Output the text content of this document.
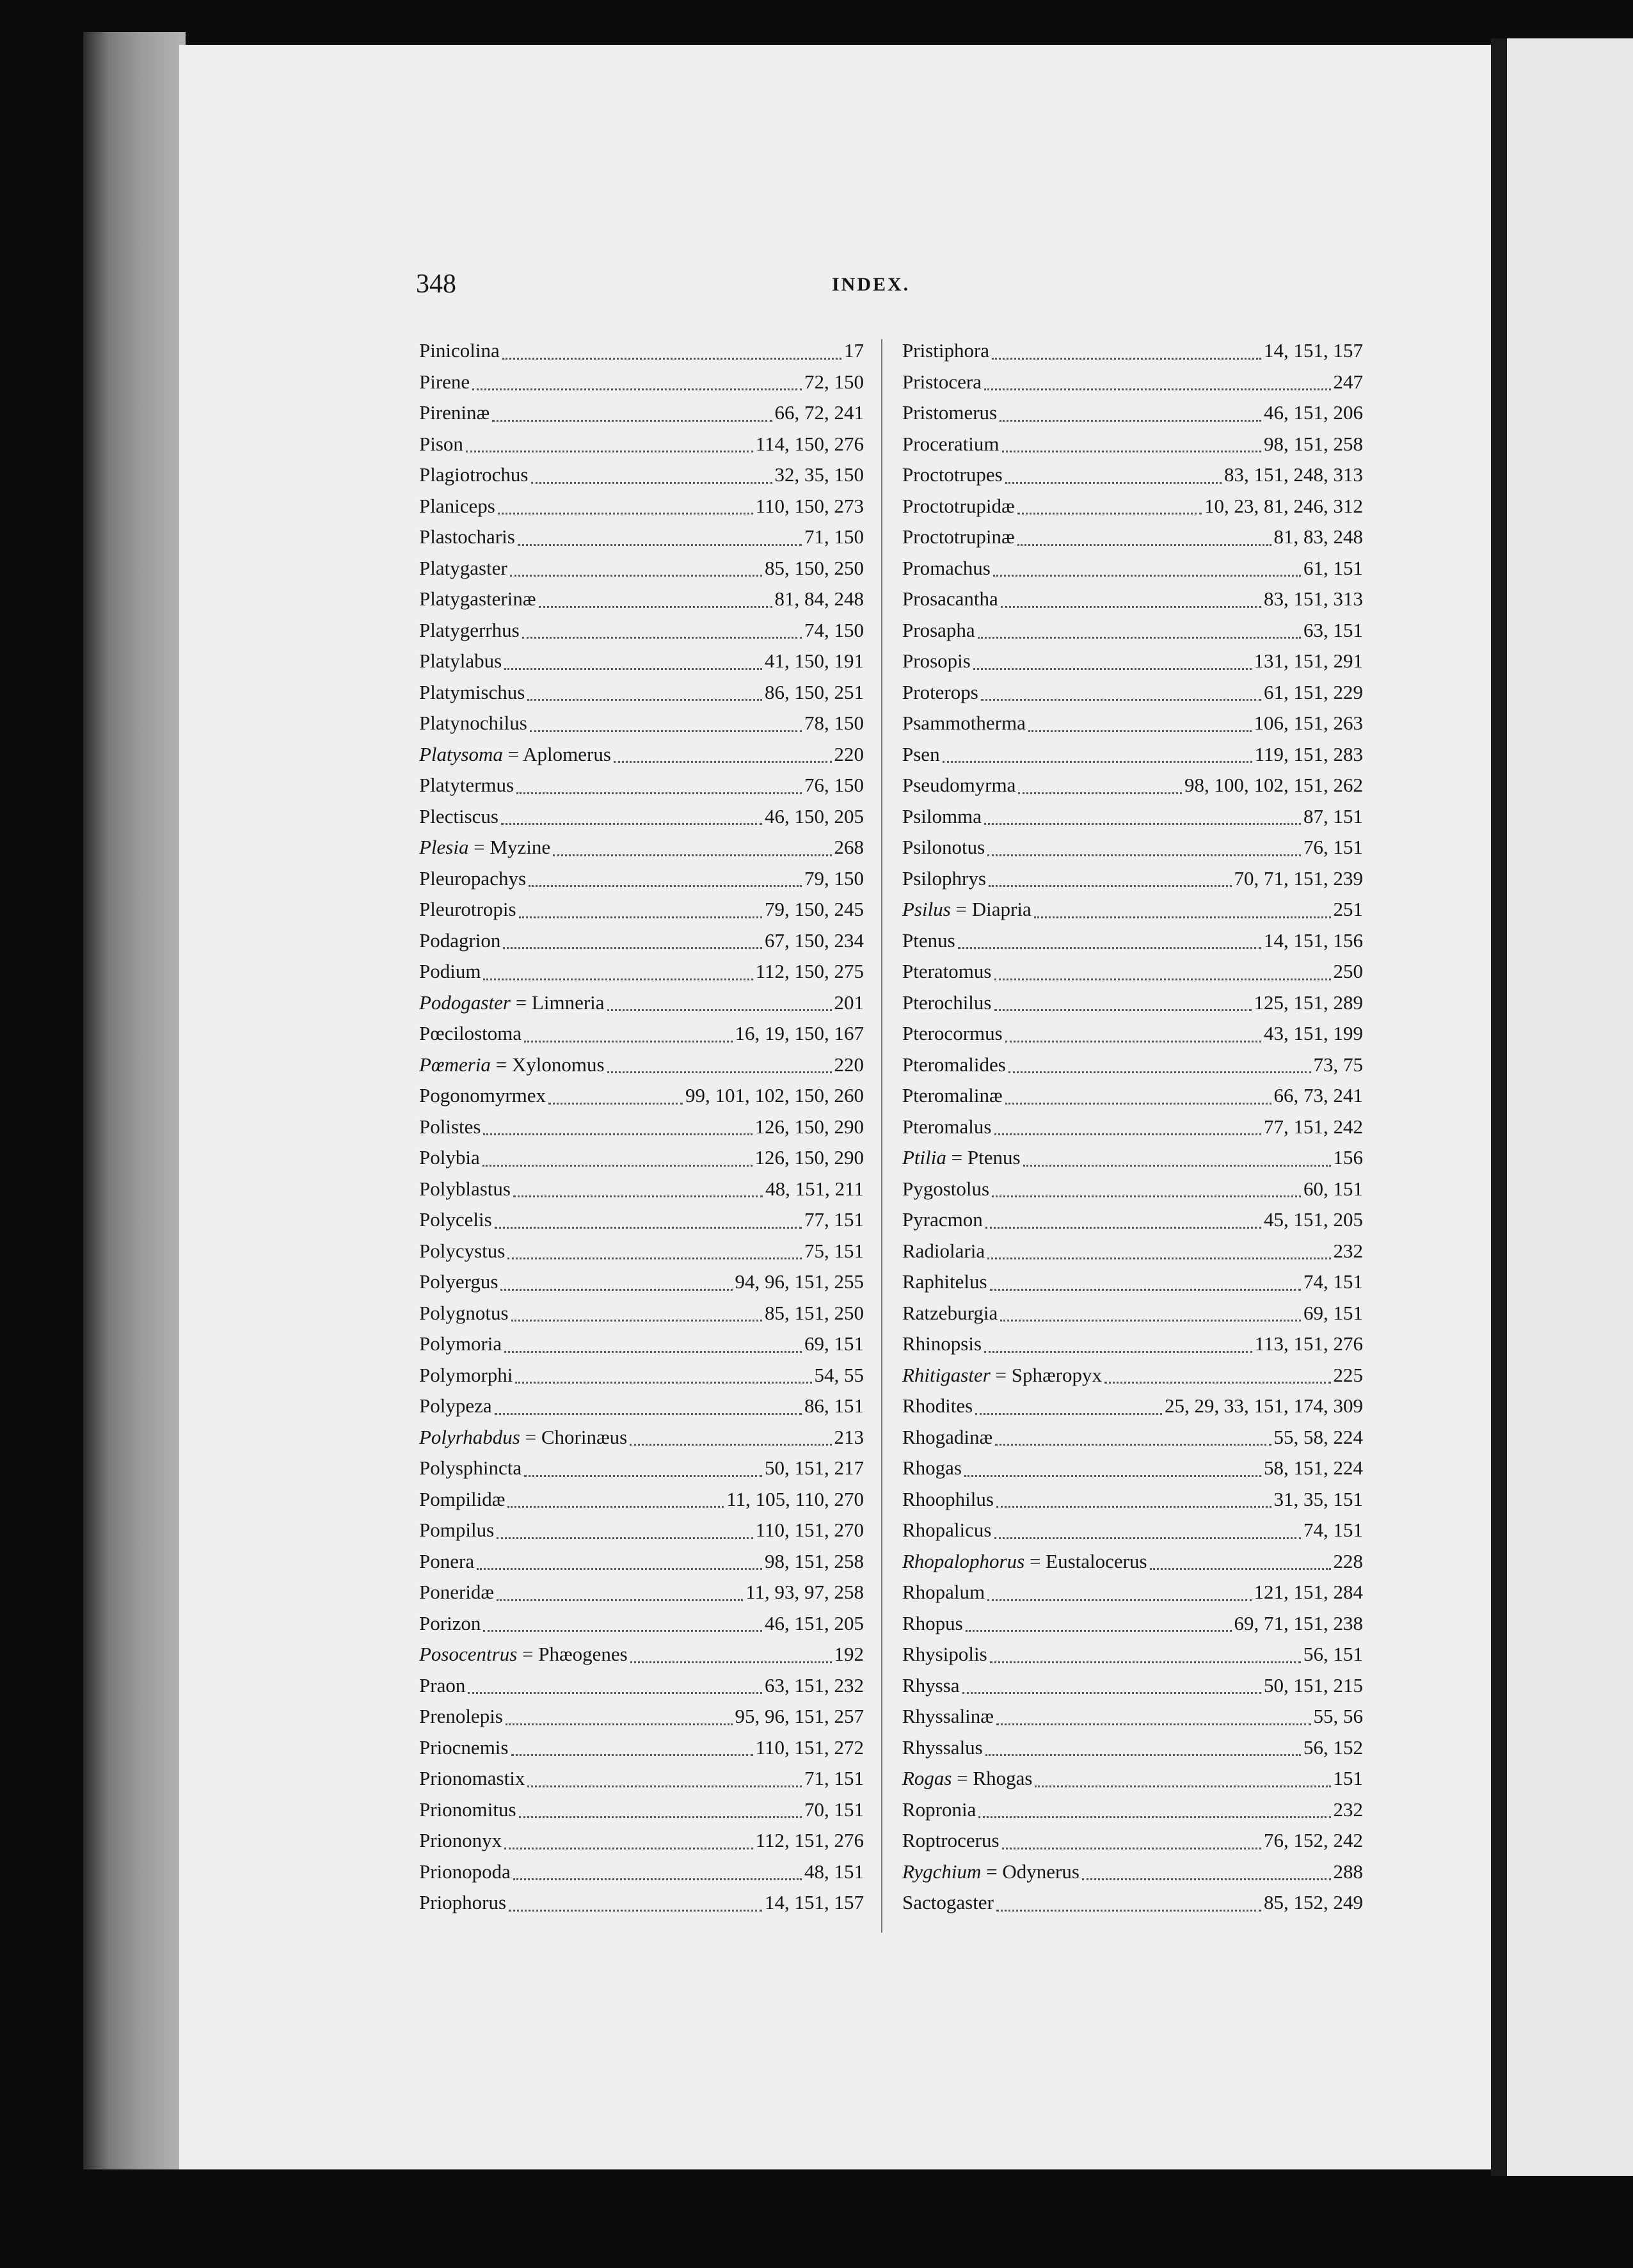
348	INDEX.
Pinicolina	17
Pirene	72, 150
Pireninæ	66, 72, 241
Pison	114, 150, 276
Plagiotrochus	32, 35, 150
Planiceps	110, 150, 273
Plastocharis	71, 150
Platygaster	85, 150, 250
Platygasterinæ	81, 84, 248
Platygerrhus	74, 150
Platylabus	41, 150, 191
Platymischus	86, 150, 251
Platynochilus	78, 150
Platysoma = Aplomerus	220
Platytermus	76, 150
Plectiscus	46, 150, 205
Plesia = Myzine	268
Pleuropachys	79, 150
Pleurotropis	79, 150, 245
Podagrion	67, 150, 234
Podium	112, 150, 275
Podogaster = Limneria	201
Pœcilostoma	16, 19, 150, 167
Pœmeria = Xylonomus	220
Pogonomyrmex	99, 101, 102, 150, 260
Polistes	126, 150, 290
Polybia	126, 150, 290
Polyblastus	48, 151, 211
Polycelis	77, 151
Polycystus	75, 151
Polyergus	94, 96, 151, 255
Polygnotus	85, 151, 250
Polymoria	69, 151
Polymorphi	54, 55
Polypeza	86, 151
Polyrhabdus = Chorinæus	213
Polysphincta	50, 151, 217
Pompilidæ	11, 105, 110, 270
Pompilus	110, 151, 270
Ponera	98, 151, 258
Poneridæ	11, 93, 97, 258
Porizon	46, 151, 205
Posocentrus = Phæogenes	192
Praon	63, 151, 232
Prenolepis	95, 96, 151, 257
Priocnemis	110, 151, 272
Prionomastix	71, 151
Prionomitus	70, 151
Priononyx	112, 151, 276
Prionopoda	48, 151
Priophorus	14, 151, 157
Pristiphora	14, 151, 157
Pristocera	247
Pristomerus	46, 151, 206
Proceratium	98, 151, 258
Proctotrupes	83, 151, 248, 313
Proctotrupidæ	10, 23, 81, 246, 312
Proctotrupinæ	81, 83, 248
Promachus	61, 151
Prosacantha	83, 151, 313
Prosapha	63, 151
Prosopis	131, 151, 291
Proterops	61, 151, 229
Psammotherma	106, 151, 263
Psen	119, 151, 283
Pseudomyrma	98, 100, 102, 151, 262
Psilomma	87, 151
Psilonotus	76, 151
Psilophrys	70, 71, 151, 239
Psilus = Diapria	251
Ptenus	14, 151, 156
Pteratomus	250
Pterochilus	125, 151, 289
Pterocormus	43, 151, 199
Pteromalides	73, 75
Pteromalinæ	66, 73, 241
Pteromalus	77, 151, 242
Ptilia = Ptenus	156
Pygostolus	60, 151
Pyracmon	45, 151, 205
Radiolaria	232
Raphitelus	74, 151
Ratzeburgia	69, 151
Rhinopsis	113, 151, 276
Rhitigaster = Sphæropyx	225
Rhodites	25, 29, 33, 151, 174, 309
Rhogadinæ	55, 58, 224
Rhogas	58, 151, 224
Rhoophilus	31, 35, 151
Rhopalicus	74, 151
Rhopalophorus = Eustalocerus	228
Rhopalum	121, 151, 284
Rhopus	69, 71, 151, 238
Rhysipolis	56, 151
Rhyssa	50, 151, 215
Rhyssalinæ	55, 56
Rhyssalus	56, 152
Rogas = Rhogas	151
Ropronia	232
Roptrocerus	76, 152, 242
Rygchium = Odynerus	288
Sactogaster	85, 152, 249
